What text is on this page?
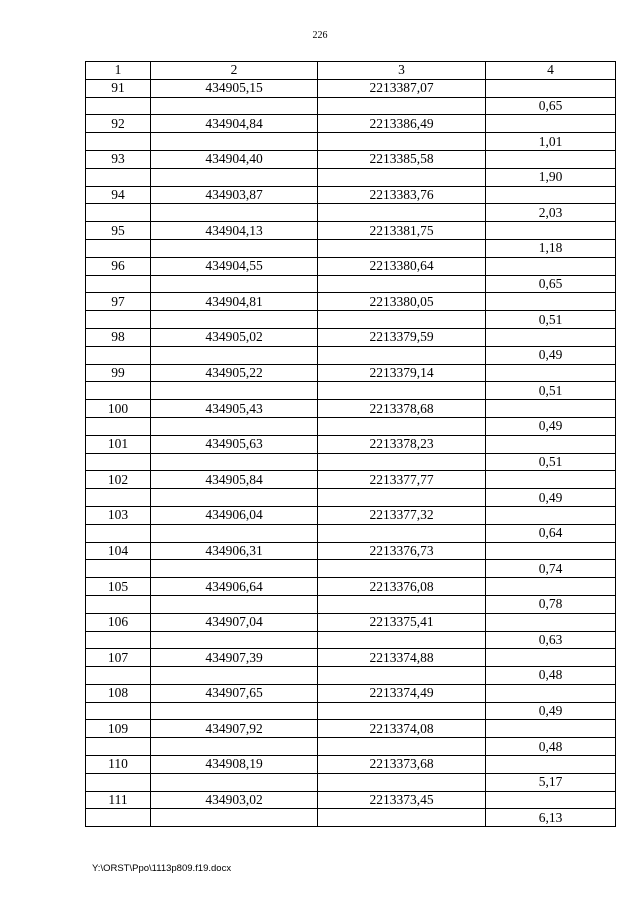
226
1	2	3	4
91	434905,15	2213387,07	
			0,65
92	434904,84	2213386,49	
			1,01
93	434904,40	2213385,58	
			1,90
94	434903,87	2213383,76	
			2,03
95	434904,13	2213381,75	
			1,18
96	434904,55	2213380,64	
			0,65
97	434904,81	2213380,05	
			0,51
98	434905,02	2213379,59	
			0,49
99	434905,22	2213379,14	
			0,51
100	434905,43	2213378,68	
			0,49
101	434905,63	2213378,23	
			0,51
102	434905,84	2213377,77	
			0,49
103	434906,04	2213377,32	
			0,64
104	434906,31	2213376,73	
			0,74
105	434906,64	2213376,08	
			0,78
106	434907,04	2213375,41	
			0,63
107	434907,39	2213374,88	
			0,48
108	434907,65	2213374,49	
			0,49
109	434907,92	2213374,08	
			0,48
110	434908,19	2213373,68	
			5,17
111	434903,02	2213373,45	
			6,13
Y:\ORST\Ppo\1113p809.f19.docx
